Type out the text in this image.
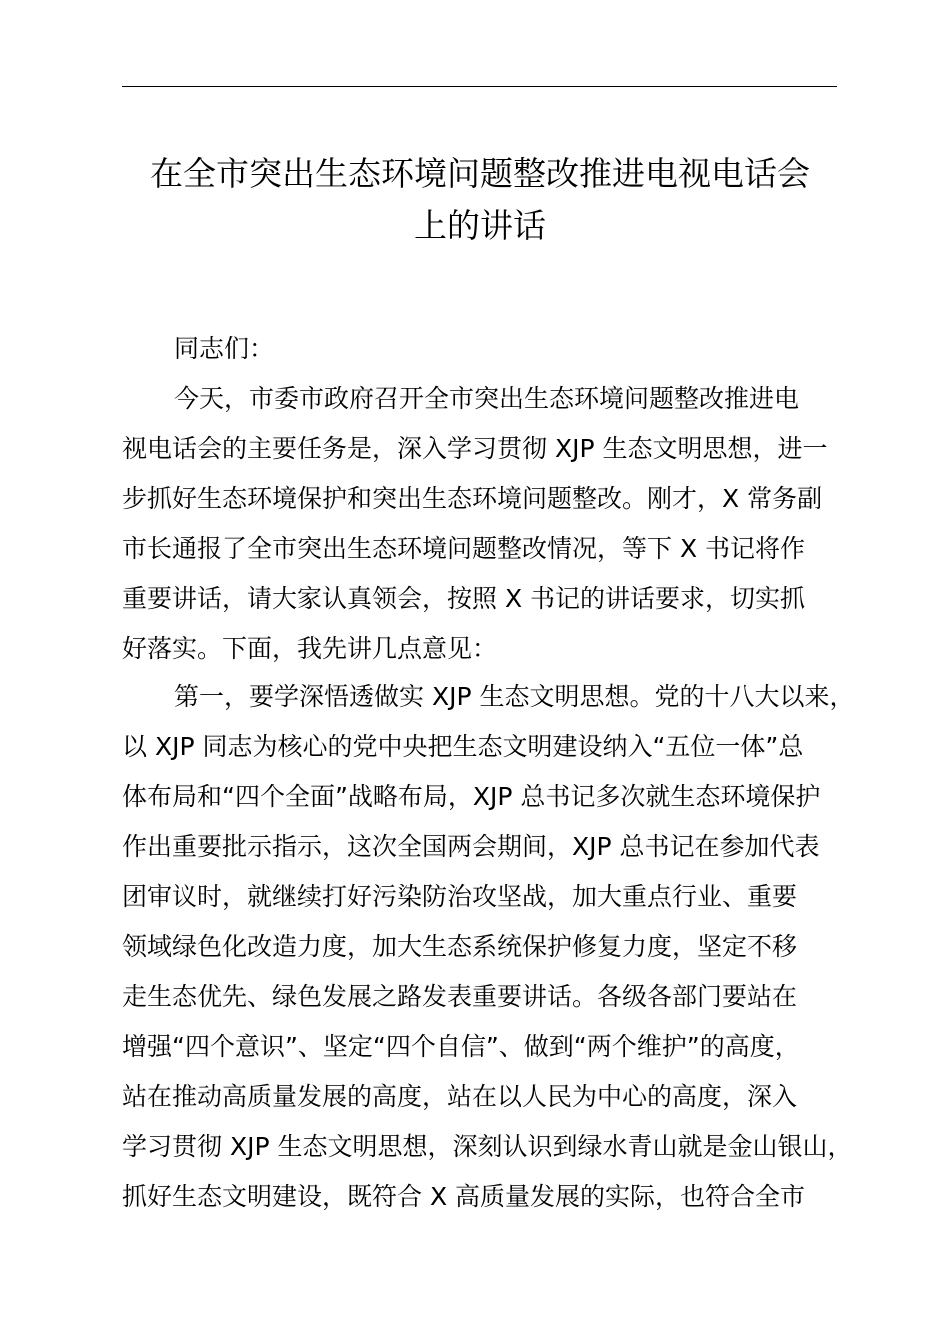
在全市突出生态环境问题整改推进电视电话会
上的讲话

同志们：

今天，市委市政府召开全市突出生态环境问题整改推进电
视电话会的主要任务是，深入学习贯彻 XJP 生态文明思想，进一
步抓好生态环境保护和突出生态环境问题整改。刚才，X 常务副
市长通报了全市突出生态环境问题整改情况，等下 X 书记将作
重要讲话，请大家认真领会，按照 X 书记的讲话要求，切实抓
好落实。下面，我先讲几点意见：

第一，要学深悟透做实 XJP 生态文明思想。党的十八大以来，
以 XJP 同志为核心的党中央把生态文明建设纳入“五位一体”总
体布局和“四个全面”战略布局，XJP 总书记多次就生态环境保护
作出重要批示指示，这次全国两会期间，XJP 总书记在参加代表
团审议时，就继续打好污染防治攻坚战，加大重点行业、重要
领域绿色化改造力度，加大生态系统保护修复力度，坚定不移
走生态优先、绿色发展之路发表重要讲话。各级各部门要站在
增强“四个意识”、坚定“四个自信”、做到“两个维护”的高度，
站在推动高质量发展的高度，站在以人民为中心的高度，深入
学习贯彻 XJP 生态文明思想，深刻认识到绿水青山就是金山银山，
抓好生态文明建设，既符合 X 高质量发展的实际，也符合全市
